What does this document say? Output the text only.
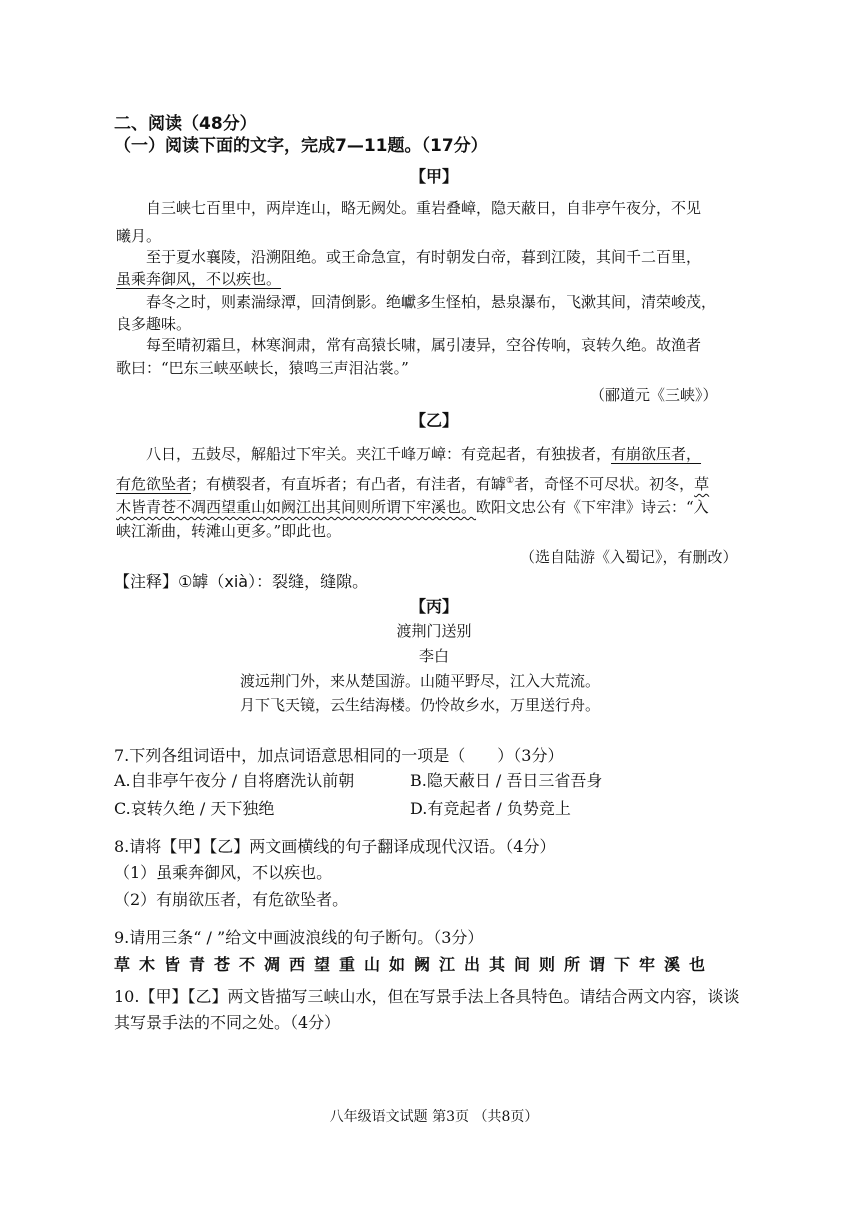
二、阅读（48分）
（一）阅读下面的文字，完成7—11题。（17分）
【甲】
自三峡七百里中，两岸连山，略无阙处。重岩叠嶂，隐天蔽日，自非亭午夜分，不见
曦月。
至于夏水襄陵，沿溯阻绝。或王命急宣，有时朝发白帝，暮到江陵，其间千二百里，
虽乘奔御风，不以疾也。
春冬之时，则素湍绿潭，回清倒影。绝巘多生怪柏，悬泉瀑布，飞漱其间，清荣峻茂，
良多趣味。
每至晴初霜旦，林寒涧肃，常有高猿长啸，属引凄异，空谷传响，哀转久绝。故渔者
歌曰：“巴东三峡巫峡长，猿鸣三声泪沾裳。”
（郦道元《三峡》）
【乙】
八日，五鼓尽，解船过下牢关。夹江千峰万嶂：有竞起者，有独拔者，有崩欲压者，
有危欲坠者；有横裂者，有直坼者；有凸者，有洼者，有罅①者，奇怪不可尽状。初冬，草
木皆青苍不凋西望重山如阙江出其间则所谓下牢溪也。欧阳文忠公有《下牢津》诗云：“入
峡江渐曲，转滩山更多。”即此也。
（选自陆游《入蜀记》，有删改）
【注释】①罅（xià）：裂缝，缝隙。
【丙】
渡荆门送别
李白
渡远荆门外，来从楚国游。山随平野尽，江入大荒流。
月下飞天镜，云生结海楼。仍怜故乡水，万里送行舟。
7.下列各组词语中，加点词语意思相同的一项是（　　）（3分）
A.自非亭午夜分 / 自将磨洗认前朝	B.隐天蔽日 / 吾日三省吾身
C.哀转久绝 / 天下独绝	D.有竞起者 / 负势竞上
8.请将【甲】【乙】两文画横线的句子翻译成现代汉语。（4分）
（1）虽乘奔御风，不以疾也。
（2）有崩欲压者，有危欲坠者。
9.请用三条“ / ”给文中画波浪线的句子断句。（3分）
草木皆青苍不凋西望重山如阙江出其间则所谓下牢溪也
10.【甲】【乙】两文皆描写三峡山水，但在写景手法上各具特色。请结合两文内容，谈谈
其写景手法的不同之处。（4分）
八年级语文试题 第3页 （共8页）
